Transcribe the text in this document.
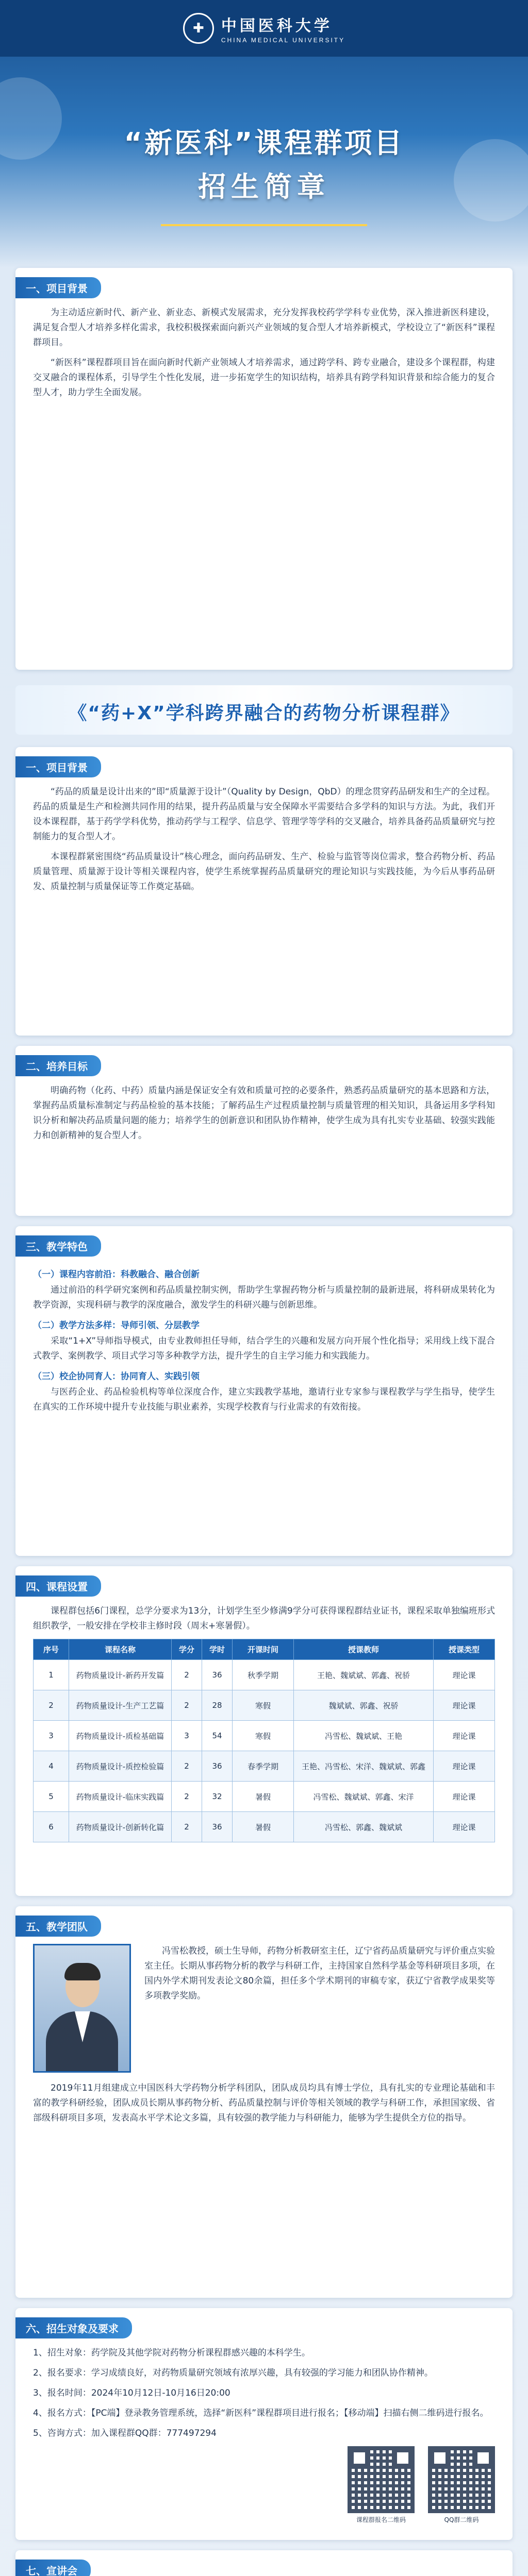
✚	中国医科大学
CHINA MEDICAL UNIVERSITY
“新医科”课程群项目
招生简章
一、项目背景

为主动适应新时代、新产业、新业态、新模式发展需求，充分发挥我校药学学科专业优势，深入推进新医科建设，满足复合型人才培养多样化需求，我校积极探索面向新兴产业领域的复合型人才培养新模式，学校设立了“新医科”课程群项目。

“新医科”课程群项目旨在面向新时代新产业领域人才培养需求，通过跨学科、跨专业融合，建设多个课程群，构建交叉融合的课程体系，引导学生个性化发展，进一步拓宽学生的知识结构，培养具有跨学科知识背景和综合能力的复合型人才，助力学生全面发展。

《“药+X”学科跨界融合的药物分析课程群》
一、项目背景

“药品的质量是设计出来的”即“质量源于设计”（Quality by Design，QbD）的理念贯穿药品研发和生产的全过程。药品的质量是生产和检测共同作用的结果，提升药品质量与安全保障水平需要结合多学科的知识与方法。为此，我们开设本课程群，基于药学学科优势，推动药学与工程学、信息学、管理学等学科的交叉融合，培养具备药品质量研究与控制能力的复合型人才。

本课程群紧密围绕“药品质量设计”核心理念，面向药品研发、生产、检验与监管等岗位需求，整合药物分析、药品质量管理、质量源于设计等相关课程内容，使学生系统掌握药品质量研究的理论知识与实践技能，为今后从事药品研发、质量控制与质量保证等工作奠定基础。

二、培养目标

明确药物（化药、中药）质量内涵是保证安全有效和质量可控的必要条件，熟悉药品质量研究的基本思路和方法，掌握药品质量标准制定与药品检验的基本技能；了解药品生产过程质量控制与质量管理的相关知识，具备运用多学科知识分析和解决药品质量问题的能力；培养学生的创新意识和团队协作精神，使学生成为具有扎实专业基础、较强实践能力和创新精神的复合型人才。

三、教学特色
（一）课程内容前沿：科教融合、融合创新

通过前沿的科学研究案例和药品质量控制实例，帮助学生掌握药物分析与质量控制的最新进展，将科研成果转化为教学资源，实现科研与教学的深度融合，激发学生的科研兴趣与创新思维。

（二）教学方法多样：导师引领、分层教学

采取“1+X”导师指导模式，由专业教师担任导师，结合学生的兴趣和发展方向开展个性化指导；采用线上线下混合式教学、案例教学、项目式学习等多种教学方法，提升学生的自主学习能力和实践能力。

（三）校企协同育人：协同育人、实践引领

与医药企业、药品检验机构等单位深度合作，建立实践教学基地，邀请行业专家参与课程教学与学生指导，使学生在真实的工作环境中提升专业技能与职业素养，实现学校教育与行业需求的有效衔接。

四、课程设置

课程群包括6门课程，总学分要求为13分，计划学生至少修满9学分可获得课程群结业证书，课程采取单独编班形式组织教学，一般安排在学校非主修时段（周末+寒暑假）。

序号	课程名称	学分	学时	开课时间	授课教师	授课类型
1	药物质量设计-新药开发篇	2	36	秋季学期	王艳、魏斌斌、郭鑫、祝骄	理论课
2	药物质量设计-生产工艺篇	2	28	寒假	魏斌斌、郭鑫、祝骄	理论课
3	药物质量设计-质检基础篇	3	54	寒假	冯雪松、魏斌斌、王艳	理论课
4	药物质量设计-质控检验篇	2	36	春季学期	王艳、冯雪松、宋洋、魏斌斌、郭鑫	理论课
5	药物质量设计-临床实践篇	2	32	暑假	冯雪松、魏斌斌、郭鑫、宋洋	理论课
6	药物质量设计-创新转化篇	2	36	暑假	冯雪松、郭鑫、魏斌斌	理论课
五、教学团队

冯雪松教授，硕士生导师，药物分析教研室主任，辽宁省药品质量研究与评价重点实验室主任。长期从事药物分析的教学与科研工作，主持国家自然科学基金等科研项目多项，在国内外学术期刊发表论文80余篇，担任多个学术期刊的审稿专家，获辽宁省教学成果奖等多项教学奖励。

2019年11月组建成立中国医科大学药物分析学科团队，团队成员均具有博士学位，具有扎实的专业理论基础和丰富的教学科研经验，团队成员长期从事药物分析、药品质量控制与评价等相关领域的教学与科研工作，承担国家级、省部级科研项目多项，发表高水平学术论文多篇，具有较强的教学能力与科研能力，能够为学生提供全方位的指导。

六、招生对象及要求

1、招生对象：药学院及其他学院对药物分析课程群感兴趣的本科学生。

2、报名要求：学习成绩良好，对药物质量研究领域有浓厚兴趣，具有较强的学习能力和团队协作精神。

3、报名时间：2024年10月12日-10月16日20:00

4、报名方式：【PC端】登录教务管理系统，选择“新医科”课程群项目进行报名；【移动端】扫描右侧二维码进行报名。

5、咨询方式：加入课程群QQ群：777497294

课程群报名二维码	QQ群二维码
七、宣讲会
